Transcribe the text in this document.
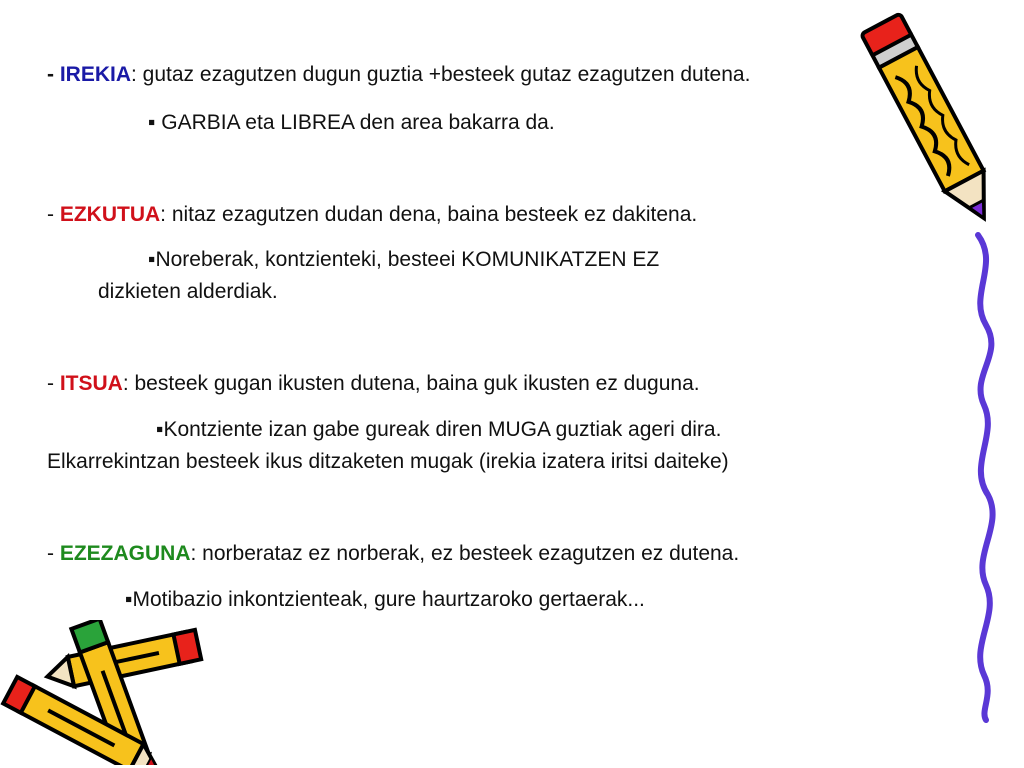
- IREKIA: gutaz ezagutzen dugun guztia +besteek gutaz ezagutzen dutena.
▪ GARBIA eta LIBREA den area bakarra da.
- EZKUTUA: nitaz ezagutzen dudan dena, baina besteek ez dakitena.
▪Noreberak, kontzienteki, besteei KOMUNIKATZEN EZ
dizkieten alderdiak.
- ITSUA: besteek gugan ikusten dutena, baina guk ikusten ez duguna.
▪Kontziente izan gabe gureak diren MUGA guztiak ageri dira.
Elkarrekintzan besteek ikus ditzaketen mugak (irekia izatera iritsi daiteke)
- EZEZAGUNA: norberataz ez norberak, ez besteek ezagutzen ez dutena.
▪Motibazio inkontzienteak, gure haurtzaroko gertaerak...
